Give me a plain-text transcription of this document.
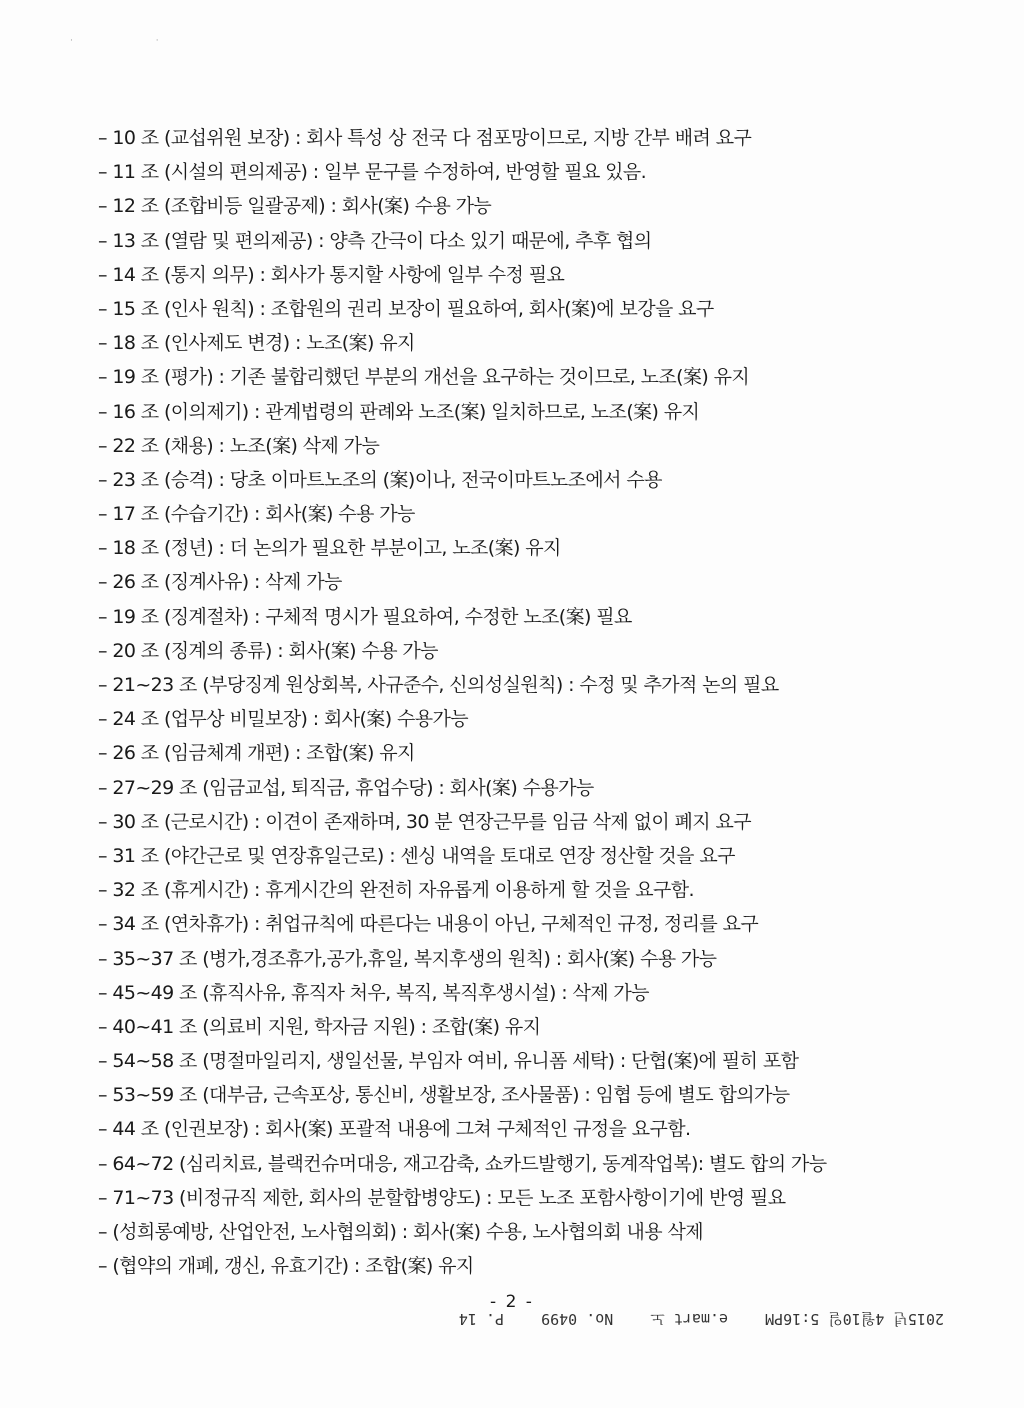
· ·
– 10 조 (교섭위원 보장) : 회사 특성 상 전국 다 점포망이므로, 지방 간부 배려 요구
– 11 조 (시설의 편의제공) : 일부 문구를 수정하여, 반영할 필요 있음.
– 12 조 (조합비등 일괄공제) : 회사(案) 수용 가능
– 13 조 (열람 및 편의제공) : 양측 간극이 다소 있기 때문에, 추후 협의
– 14 조 (통지 의무) : 회사가 통지할 사항에 일부 수정 필요
– 15 조 (인사 원칙) : 조합원의 권리 보장이 필요하여, 회사(案)에 보강을 요구
– 18 조 (인사제도 변경) : 노조(案) 유지
– 19 조 (평가) : 기존 불합리했던 부분의 개선을 요구하는 것이므로, 노조(案) 유지
– 16 조 (이의제기) : 관계법령의 판례와 노조(案) 일치하므로, 노조(案) 유지
– 22 조 (채용) : 노조(案) 삭제 가능
– 23 조 (승격) : 당초 이마트노조의 (案)이나, 전국이마트노조에서 수용
– 17 조 (수습기간) : 회사(案) 수용 가능
– 18 조 (정년) : 더 논의가 필요한 부분이고, 노조(案) 유지
– 26 조 (징계사유) : 삭제 가능
– 19 조 (징계절차) : 구체적 명시가 필요하여, 수정한 노조(案) 필요
– 20 조 (징계의 종류) : 회사(案) 수용 가능
– 21~23 조 (부당징계 원상회복, 사규준수, 신의성실원칙) : 수정 및 추가적 논의 필요
– 24 조 (업무상 비밀보장) : 회사(案) 수용가능
– 26 조 (임금체계 개편) : 조합(案) 유지
– 27~29 조 (임금교섭, 퇴직금, 휴업수당) : 회사(案) 수용가능
– 30 조 (근로시간) : 이견이 존재하며, 30 분 연장근무를 임금 삭제 없이 폐지 요구
– 31 조 (야간근로 및 연장휴일근로) : 센싱 내역을 토대로 연장 정산할 것을 요구
– 32 조 (휴게시간) : 휴게시간의 완전히 자유롭게 이용하게 할 것을 요구함.
– 34 조 (연차휴가) : 취업규칙에 따른다는 내용이 아닌, 구체적인 규정, 정리를 요구
– 35~37 조 (병가,경조휴가,공가,휴일, 복지후생의 원칙) : 회사(案) 수용 가능
– 45~49 조 (휴직사유, 휴직자 처우, 복직, 복직후생시설) : 삭제 가능
– 40~41 조 (의료비 지원, 학자금 지원) : 조합(案) 유지
– 54~58 조 (명절마일리지, 생일선물, 부임자 여비, 유니폼 세탁) : 단협(案)에 필히 포함
– 53~59 조 (대부금, 근속포상, 통신비, 생활보장, 조사물품) : 임협 등에 별도 합의가능
– 44 조 (인권보장) : 회사(案) 포괄적 내용에 그쳐 구체적인 규정을 요구함.
– 64~72 (심리치료, 블랙컨슈머대응, 재고감축, 쇼카드발행기, 동계작업복): 별도 합의 가능
– 71~73 (비정규직 제한, 회사의 분할합병양도) : 모든 노조 포함사항이기에 반영 필요
– (성희롱예방, 산업안전, 노사협의회) : 회사(案) 수용, 노사협의회 내용 삭제
– (협약의 개폐, 갱신, 유효기간) : 조합(案) 유지
- 2 -
2015년 4월10일 5:16PM e.mart 노 No. 0499 P. 14
